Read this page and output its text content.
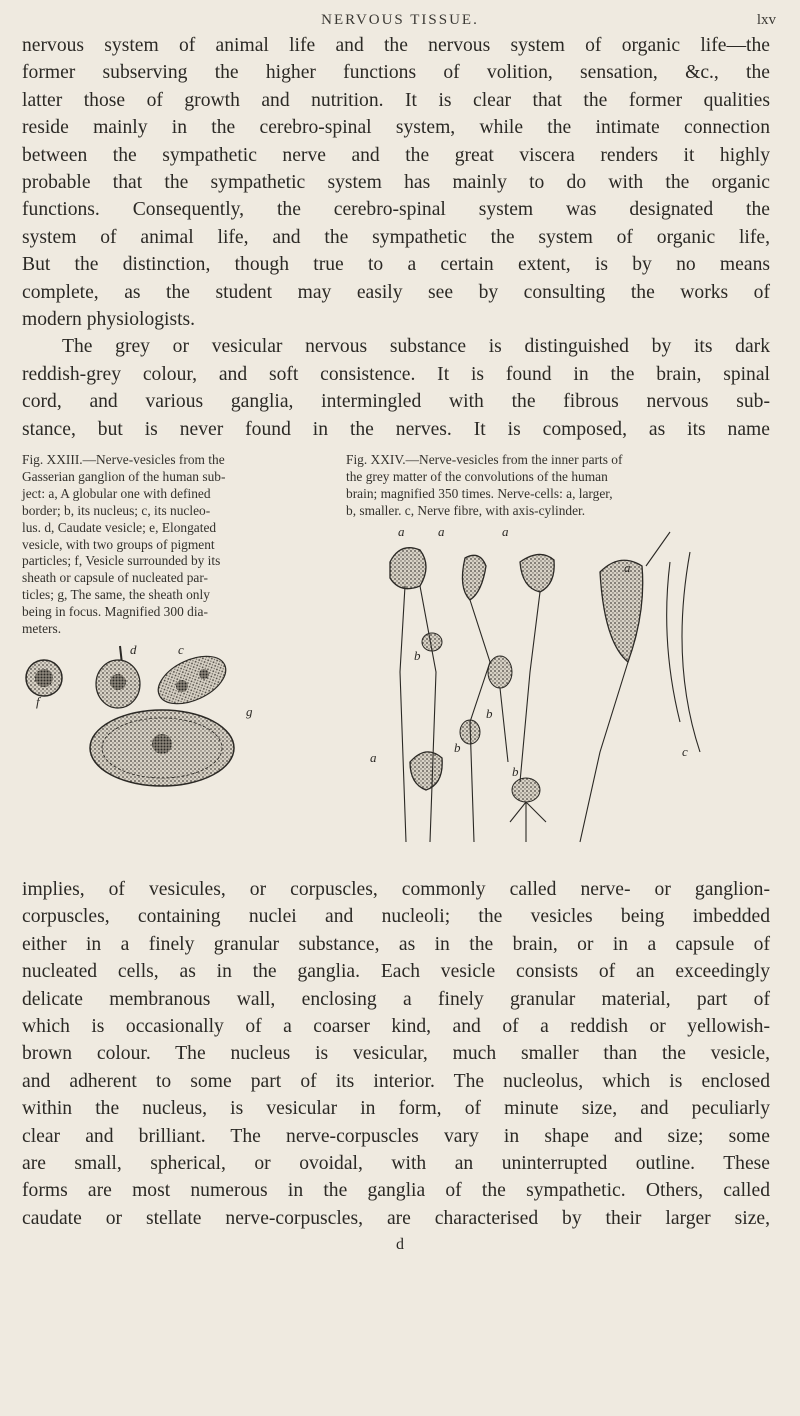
NERVOUS TISSUE.	lxv
nervous system of animal life and the nervous system of organic life—the
former subserving the higher functions of volition, sensation, &c., the
latter those of growth and nutrition. It is clear that the former qualities
reside mainly in the cerebro-spinal system, while the intimate connection
between the sympathetic nerve and the great viscera renders it highly
probable that the sympathetic system has mainly to do with the organic
functions. Consequently, the cerebro-spinal system was designated the
system of animal life, and the sympathetic the system of organic life,
But the distinction, though true to a certain extent, is by no means
complete, as the student may easily see by consulting the works of
modern physiologists.
The grey or vesicular nervous substance is distinguished by its dark
reddish-grey colour, and soft consistence. It is found in the brain, spinal
cord, and various ganglia, intermingled with the fibrous nervous sub-
stance, but is never found in the nerves. It is composed, as its name
Fig. XXIII.—Nerve-vesicles from the
Gasserian ganglion of the human sub-
ject: a, A globular one with defined
border; b, its nucleus; c, its nucleo-
lus. d, Caudate vesicle; e, Elongated
vesicle, with two groups of pigment
particles; f, Vesicle surrounded by its
sheath or capsule of nucleated par-
ticles; g, The same, the sheath only
being in focus. Magnified 300 dia-
meters.
f
d	c
g
Fig. XXIV.—Nerve-vesicles from the inner parts of
the grey matter of the convolutions of the human
brain; magnified 350 times. Nerve-cells: a, larger,
b, smaller. c, Nerve fibre, with axis-cylinder.
a	a	a
a
a
b
b
b
b
c
implies, of vesicules, or corpuscles, commonly called nerve- or ganglion-
corpuscles, containing nuclei and nucleoli; the vesicles being imbedded
either in a finely granular substance, as in the brain, or in a capsule of
nucleated cells, as in the ganglia. Each vesicle consists of an exceedingly
delicate membranous wall, enclosing a finely granular material, part of
which is occasionally of a coarser kind, and of a reddish or yellowish-
brown colour. The nucleus is vesicular, much smaller than the vesicle,
and adherent to some part of its interior. The nucleolus, which is enclosed
within the nucleus, is vesicular in form, of minute size, and peculiarly
clear and brilliant. The nerve-corpuscles vary in shape and size; some
are small, spherical, or ovoidal, with an uninterrupted outline. These
forms are most numerous in the ganglia of the sympathetic. Others, called
caudate or stellate nerve-corpuscles, are characterised by their larger size,
d
